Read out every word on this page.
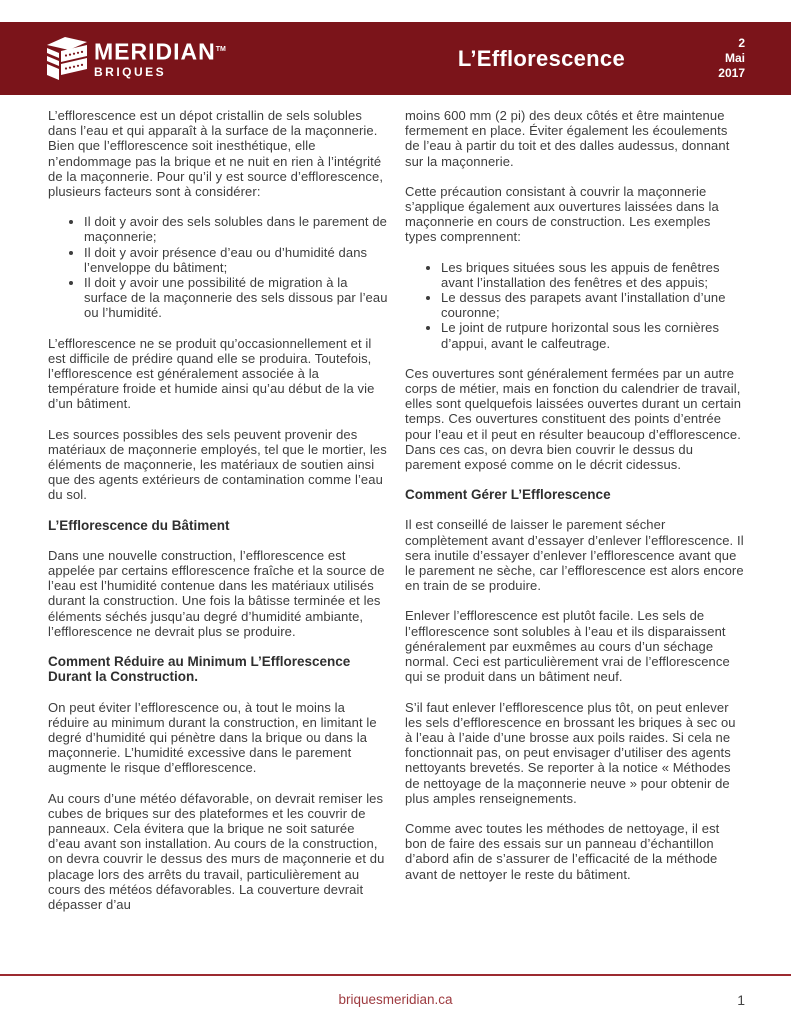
MERIDIAN™
BRIQUES
L’Efflorescence
2
Mai
2017

L’efflorescence est un dépot cristallin de sels solubles dans l’eau et qui apparaît à la surface de la maçonnerie. Bien que l’efflorescence soit inesthétique, elle n’endommage pas la brique et ne nuit en rien à l’intégrité de la maçonnerie. Pour qu’il y est source d’efflorescence, plusieurs facteurs sont à considérer:

• Il doit y avoir des sels solubles dans le parement de maçonnerie;
• Il doit y avoir présence d’eau ou d’humidité dans l’enveloppe du bâtiment;
• Il doit y avoir une possibilité de migration à la surface de la maçonnerie des sels dissous par l’eau ou l’humidité.

L’efflorescence ne se produit qu’occasionnellement et il est difficile de prédire quand elle se produira. Toutefois, l’efflorescence est généralement associée à la température froide et humide ainsi qu’au début de la vie d’un bâtiment.

Les sources possibles des sels peuvent provenir des matériaux de maçonnerie employés, tel que le mortier, les éléments de maçonnerie, les matériaux de soutien ainsi que des agents extérieurs de contamination comme l’eau du sol.

L’Efflorescence du Bâtiment

Dans une nouvelle construction, l’efflorescence est appelée par certains efflorescence fraîche et la source de l’eau est l’humidité contenue dans les matériaux utilisés durant la construction. Une fois la bâtisse terminée et les éléments séchés jusqu’au degré d’humidité ambiante, l’efflorescence ne devrait plus se produire.

Comment Réduire au Minimum L’Efflorescence Durant la Construction.

On peut éviter l’efflorescence ou, à tout le moins la réduire au minimum durant la construction, en limitant le degré d’humidité qui pénètre dans la brique ou dans la maçonnerie. L’humidité excessive dans le parement augmente le risque d’efflorescence.

Au cours d’une météo défavorable, on devrait remiser les cubes de briques sur des plateformes et les couvrir de panneaux. Cela évitera que la brique ne soit saturée d’eau avant son installation. Au cours de la construction, on devra couvrir le dessus des murs de maçonnerie et du placage lors des arrêts du travail, particulièrement au cours des météos défavorables. La couverture devrait dépasser d’au

moins 600 mm (2 pi) des deux côtés et être maintenue fermement en place. Éviter également les écoulements de l’eau à partir du toit et des dalles audessus, donnant sur la maçonnerie.

Cette précaution consistant à couvrir la maçonnerie s’applique également aux ouvertures laissées dans la maçonnerie en cours de construction. Les exemples types comprennent:

• Les briques situées sous les appuis de fenêtres avant l’installation des fenêtres et des appuis;
• Le dessus des parapets avant l’installation d’une couronne;
• Le joint de rutpure horizontal sous les cornières d’appui, avant le calfeutrage.

Ces ouvertures sont généralement fermées par un autre corps de métier, mais en fonction du calendrier de travail, elles sont quelquefois laissées ouvertes durant un certain temps. Ces ouvertures constituent des points d’entrée pour l’eau et il peut en résulter beaucoup d’efflorescence. Dans ces cas, on devra bien couvrir le dessus du parement exposé comme on le décrit cidessus.

Comment Gérer L’Efflorescence

Il est conseillé de laisser le parement sécher complètement avant d’essayer d’enlever l’efflorescence. Il sera inutile d’essayer d’enlever l’efflorescence avant que le parement ne sèche, car l’efflorescence est alors encore en train de se produire.

Enlever l’efflorescence est plutôt facile. Les sels de l’efflorescence sont solubles à l’eau et ils disparaissent généralement par euxmêmes au cours d’un séchage normal. Ceci est particulièrement vrai de l’efflorescence qui se produit dans un bâtiment neuf.

S’il faut enlever l’efflorescence plus tôt, on peut enlever les sels d’efflorescence en brossant les briques à sec ou à l’eau à l’aide d’une brosse aux poils raides. Si cela ne fonctionnait pas, on peut envisager d’utiliser des agents nettoyants brevetés. Se reporter à la notice « Méthodes de nettoyage de la maçonnerie neuve » pour obtenir de plus amples renseignements.

Comme avec toutes les méthodes de nettoyage, il est bon de faire des essais sur un panneau d’échantillon d’abord afin de s’assurer de l’efficacité de la méthode avant de nettoyer le reste du bâtiment.

briquesmeridian.ca	1
